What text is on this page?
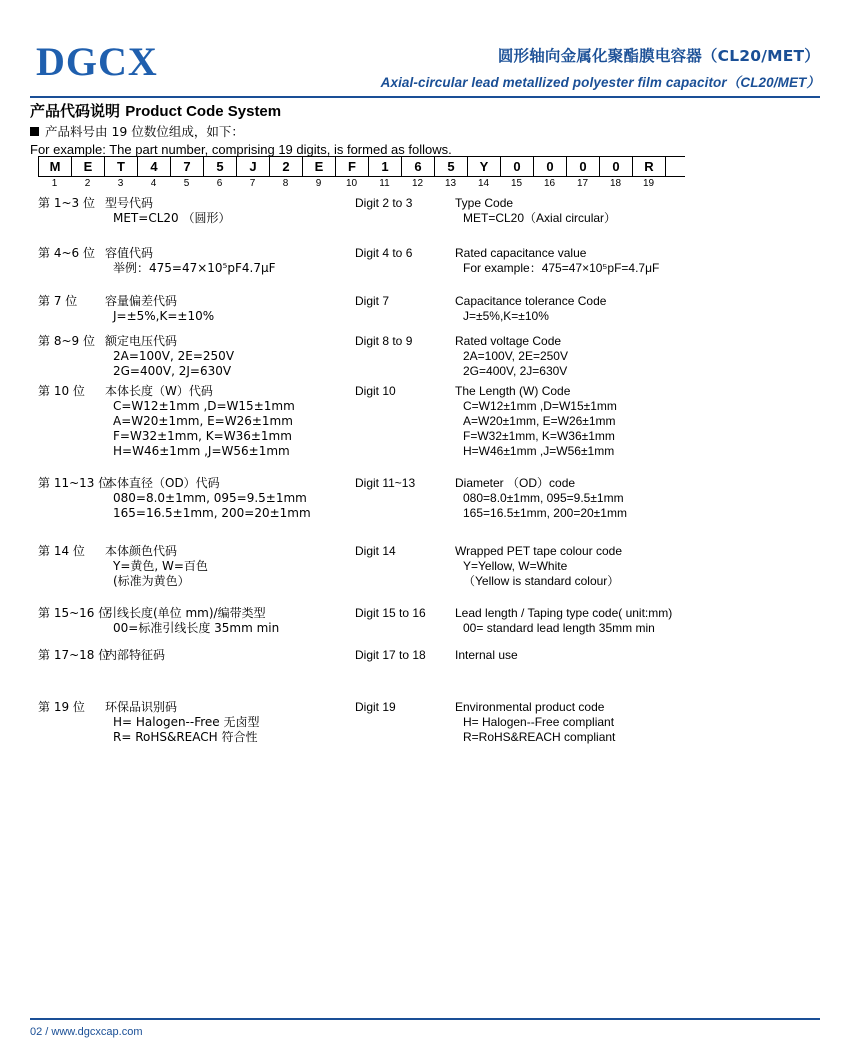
DGCX	圆形轴向金属化聚酯膜电容器（CL20/MET）
Axial-circular lead metallized polyester film capacitor（CL20/MET）
产品代码说明 Product Code System
产品料号由 19 位数位组成，如下：
For example: The part number, comprising 19 digits, is formed as follows.
M	E	T	4	7	5	J	2	E	F	1	6	5	Y	0	0	0	0	R
1	2	3	4	5	6	7	8	9	10	11	12	13	14	15	16	17	18	19
第 1~3 位 型号代码
MET=CL20 （圆形）
Digit 2 to 3	Type Code
MET=CL20（Axial circular）
第 4~6 位 容值代码
举例：475=47×10⁵pF4.7μF
Digit 4 to 6	Rated capacitance value
For example：475=47×10⁵pF=4.7μF
第 7 位	容量偏差代码
J=±5%,K=±10%
Digit 7	Capacitance tolerance Code
J=±5%,K=±10%
第 8~9 位 额定电压代码
2A=100V, 2E=250V
2G=400V, 2J=630V
Digit 8 to 9	Rated voltage Code
2A=100V, 2E=250V
2G=400V, 2J=630V
第 10 位	本体长度（W）代码
C=W12±1mm ,D=W15±1mm
A=W20±1mm, E=W26±1mm
F=W32±1mm, K=W36±1mm
H=W46±1mm ,J=W56±1mm
Digit 10	The Length (W) Code
C=W12±1mm ,D=W15±1mm
A=W20±1mm, E=W26±1mm
F=W32±1mm, K=W36±1mm
H=W46±1mm ,J=W56±1mm
第 11~13 位
本体直径（OD）代码
080=8.0±1mm, 095=9.5±1mm
165=16.5±1mm, 200=20±1mm
Digit 11~13	Diameter （OD）code
080=8.0±1mm, 095=9.5±1mm
165=16.5±1mm, 200=20±1mm
第 14 位	本体颜色代码
Y=黄色, W=百色
(标准为黄色）
Digit 14	Wrapped PET tape colour code
Y=Yellow, W=White
（Yellow is standard colour）
第 15~16 位
引线长度(单位 mm)/编带类型
00=标准引线长度 35mm min
Digit 15 to 16	Lead length / Taping type code( unit:mm)
00= standard lead length 35mm min
第 17~18 位
内部特征码	Digit 17 to 18	Internal use
第 19 位	环保品识别码
H= Halogen--Free 无卤型
R= RoHS&REACH 符合性
Digit 19	Environmental product code
H= Halogen--Free compliant
R=RoHS&REACH compliant
02 / www.dgcxcap.com
